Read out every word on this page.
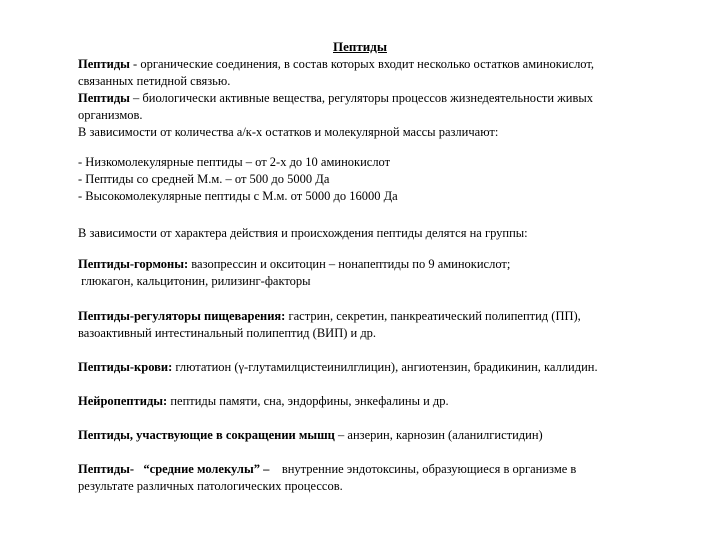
Пептиды
Пептиды - органические соединения, в состав которых входит несколько остатков аминокислот,
связанных петидной связью.
Пептиды – биологически активные вещества, регуляторы процессов жизнедеятельности живых
организмов.
В зависимости от количества а/к-х остатков и молекулярной массы различают:
- Низкомолекулярные пептиды – от 2-х до 10 аминокислот
- Пептиды со средней М.м. – от 500 до 5000 Да
- Высокомолекулярные пептиды с М.м. от 5000 до 16000 Да
В зависимости от характера действия и происхождения пептиды делятся на группы:
Пептиды-гормоны: вазопрессин и окситоцин – нонапептиды по 9 аминокислот;
глюкагон, кальцитонин, рилизинг-факторы
Пептиды-регуляторы пищеварения: гастрин, секретин, панкреатический полипептид (ПП),
вазоактивный интестинальный полипептид (ВИП) и др.
Пептиды-крови: глютатион (γ-глутамилцистеинилглицин), ангиотензин, брадикинин, каллидин.
Нейропептиды: пептиды памяти, сна, эндорфины, энкефалины и др.
Пептиды, участвующие в сокращении мышц – анзерин, карнозин (аланилгистидин)
Пептиды-   “средние молекулы” –    внутренние эндотоксины, образующиеся в организме в
результате различных патологических процессов.
